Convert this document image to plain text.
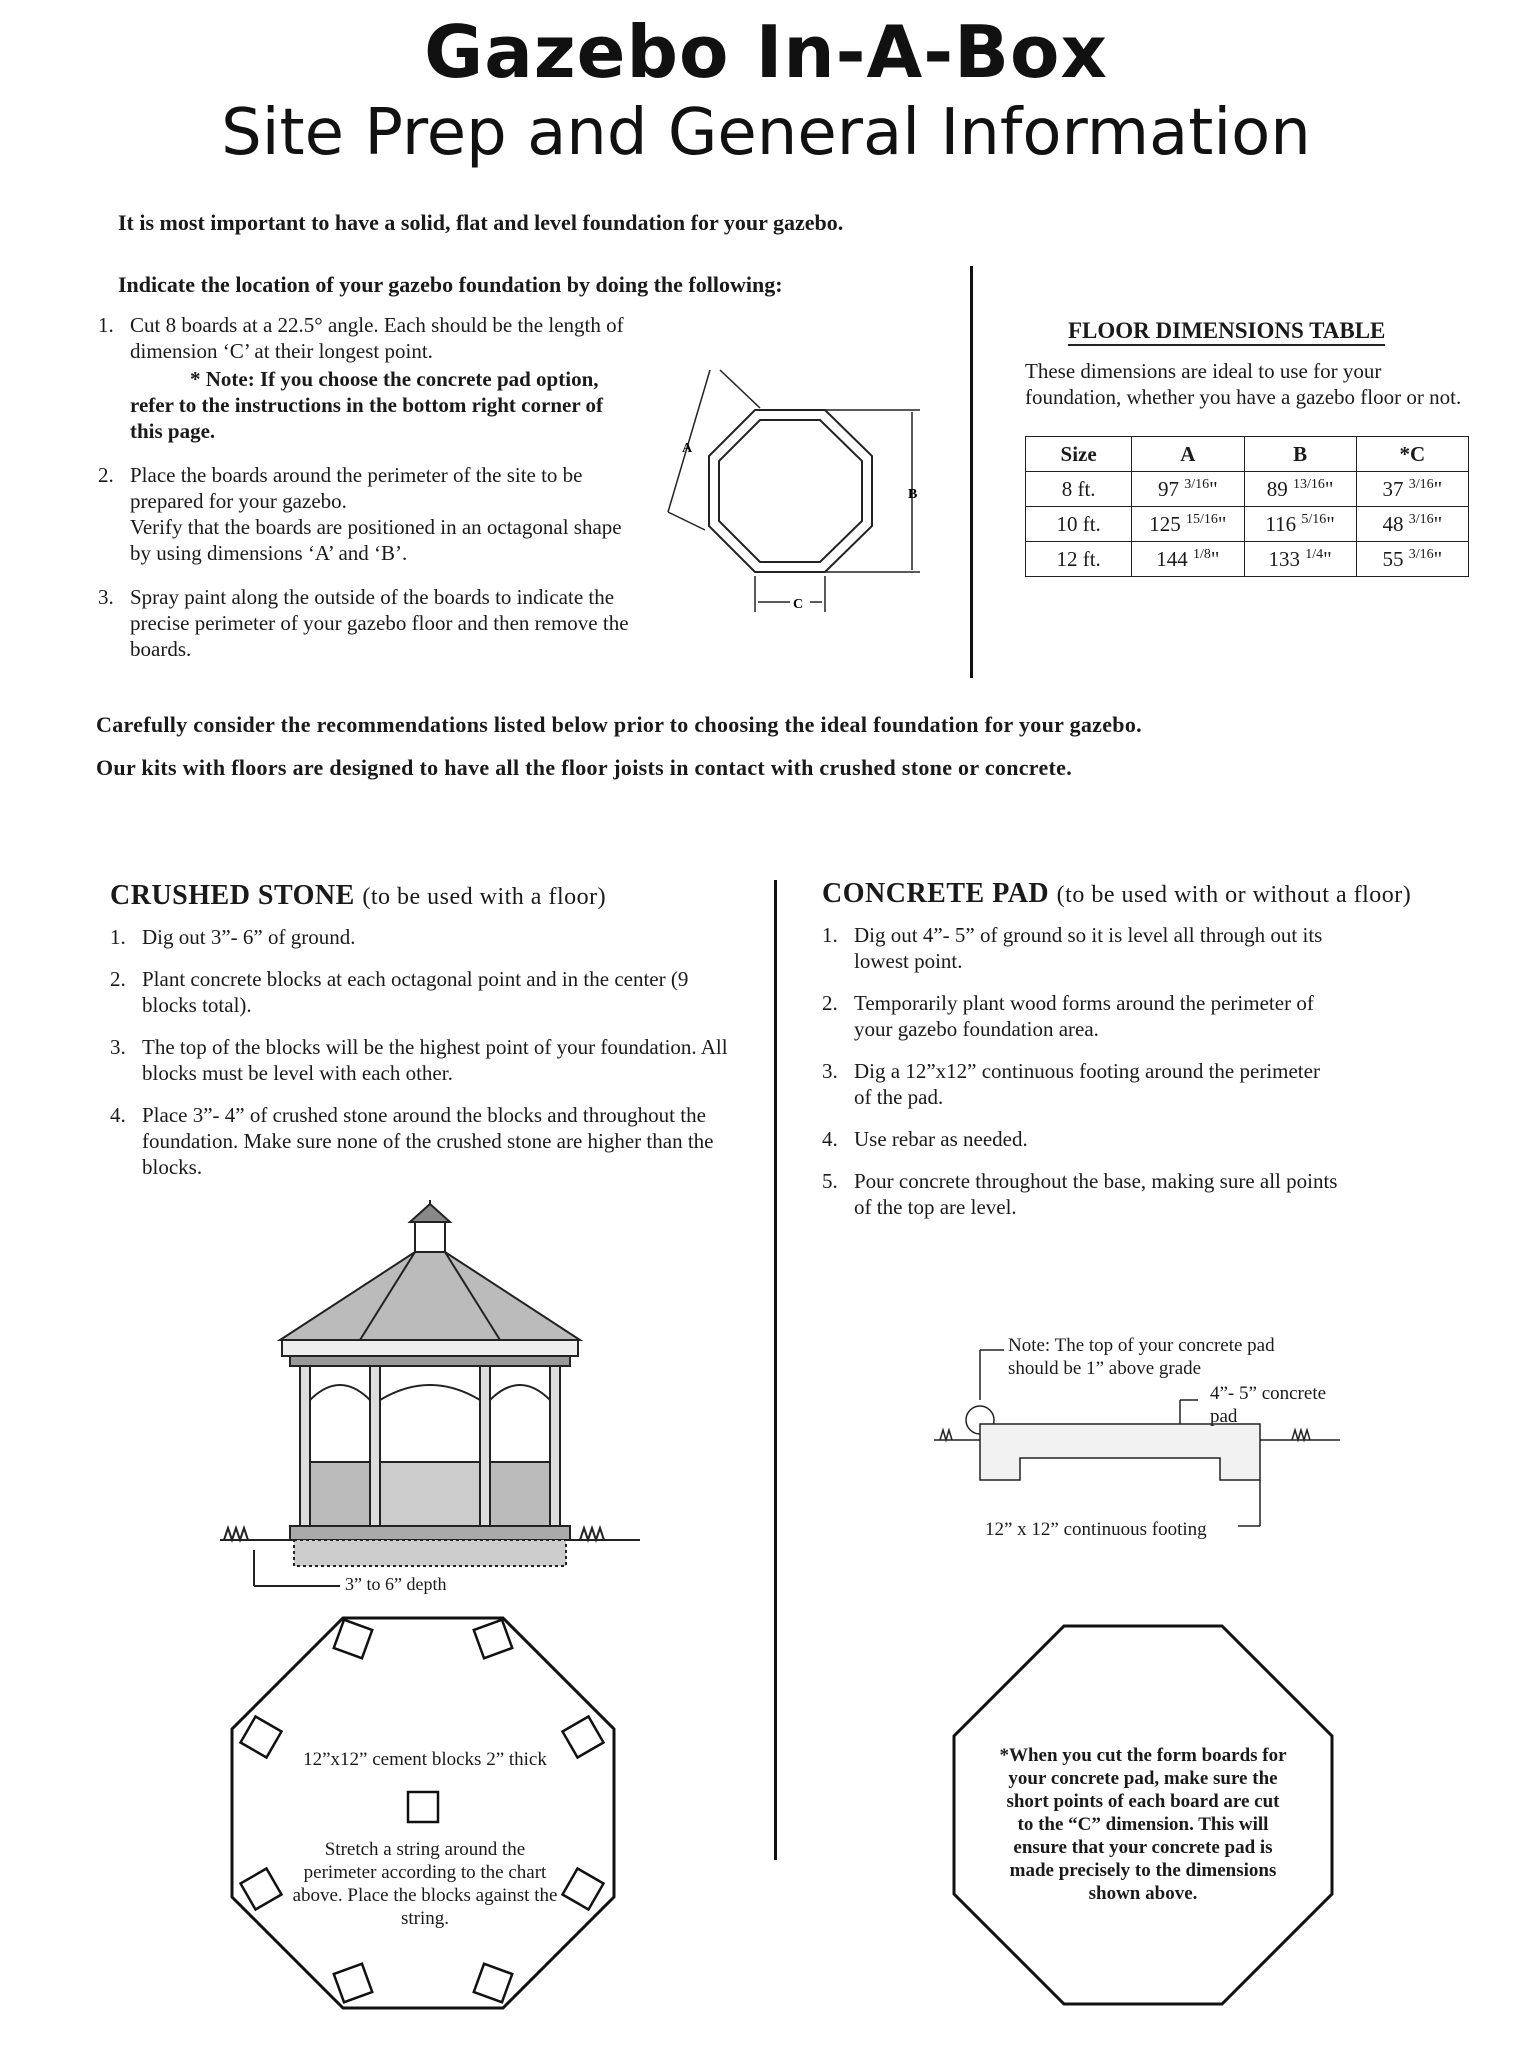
Gazebo In-A-Box
Site Prep and General Information
It is most important to have a solid, flat and level foundation for your gazebo.
Indicate the location of your gazebo foundation by doing the following:
1. Cut 8 boards at a 22.5° angle. Each should be the length of dimension ‘C’ at their longest point.
* Note: If you choose the concrete pad option, refer to the instructions in the bottom right corner of this page.
2. Place the boards around the perimeter of the site to be prepared for your gazebo.
Verify that the boards are positioned in an octagonal shape by using dimensions ‘A’ and ‘B’.
3. Spray paint along the outside of the boards to indicate the precise perimeter of your gazebo floor and then remove the boards.
A
B
C
FLOOR DIMENSIONS TABLE
These dimensions are ideal to use for your foundation, whether you have a gazebo floor or not.
Size	A	B	*C
8 ft.	97 $^{3/16}$"	89 $^{13/16}$"	37 $^{3/16}$"
10 ft.	125 $^{15/16}$"	116 $^{5/16}$"	48 $^{3/16}$"
12 ft.	144 $^{1/8}$"	133 $^{1/4}$"	55 $^{3/16}$"
Carefully consider the recommendations listed below prior to choosing the ideal foundation for your gazebo.
Our kits with floors are designed to have all the floor joists in contact with crushed stone or concrete.
CRUSHED STONE (to be used with a floor)
1. Dig out 3”- 6” of ground.
2. Plant concrete blocks at each octagonal point and in the center (9 blocks total).
3. The top of the blocks will be the highest point of your foundation. All blocks must be level with each other.
4. Place 3”- 4” of crushed stone around the blocks and throughout the foundation. Make sure none of the crushed stone are higher than the blocks.
3” to 6” depth
12”x12” cement blocks 2” thick
Stretch a string around the perimeter according to the chart above. Place the blocks against the string.
CONCRETE PAD (to be used with or without a floor)
1. Dig out 4”- 5” of ground so it is level all through out its lowest point.
2. Temporarily plant wood forms around the perimeter of your gazebo foundation area.
3. Dig a 12”x12” continuous footing around the perimeter of the pad.
4. Use rebar as needed.
5. Pour concrete throughout the base, making sure all points of the top are level.
Note: The top of your concrete pad should be 1” above grade
4”- 5” concrete pad
12” x 12” continuous footing
*When you cut the form boards for your concrete pad, make sure the short points of each board are cut to the “C” dimension. This will ensure that your concrete pad is made precisely to the dimensions shown above.
